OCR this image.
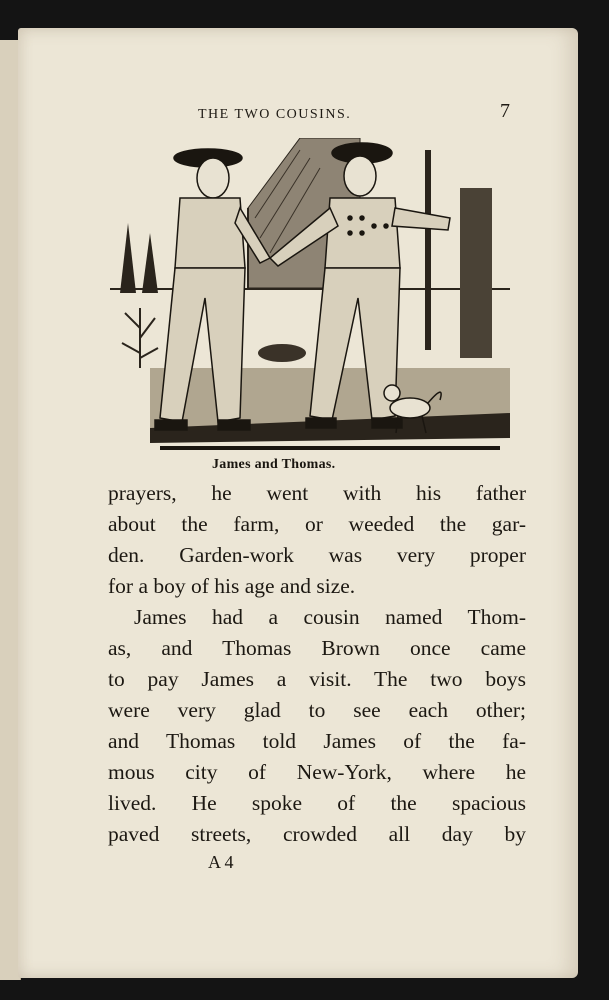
THE TWO COUSINS.	7
James and Thomas.
prayers, he went with his father
about the farm, or weeded the gar-
den. Garden-work was very proper
for a boy of his age and size.
James had a cousin named Thom-
as, and Thomas Brown once came
to pay James a visit. The two boys
were very glad to see each other;
and Thomas told James of the fa-
mous city of New-York, where he
lived. He spoke of the spacious
paved streets, crowded all day by
A 4
